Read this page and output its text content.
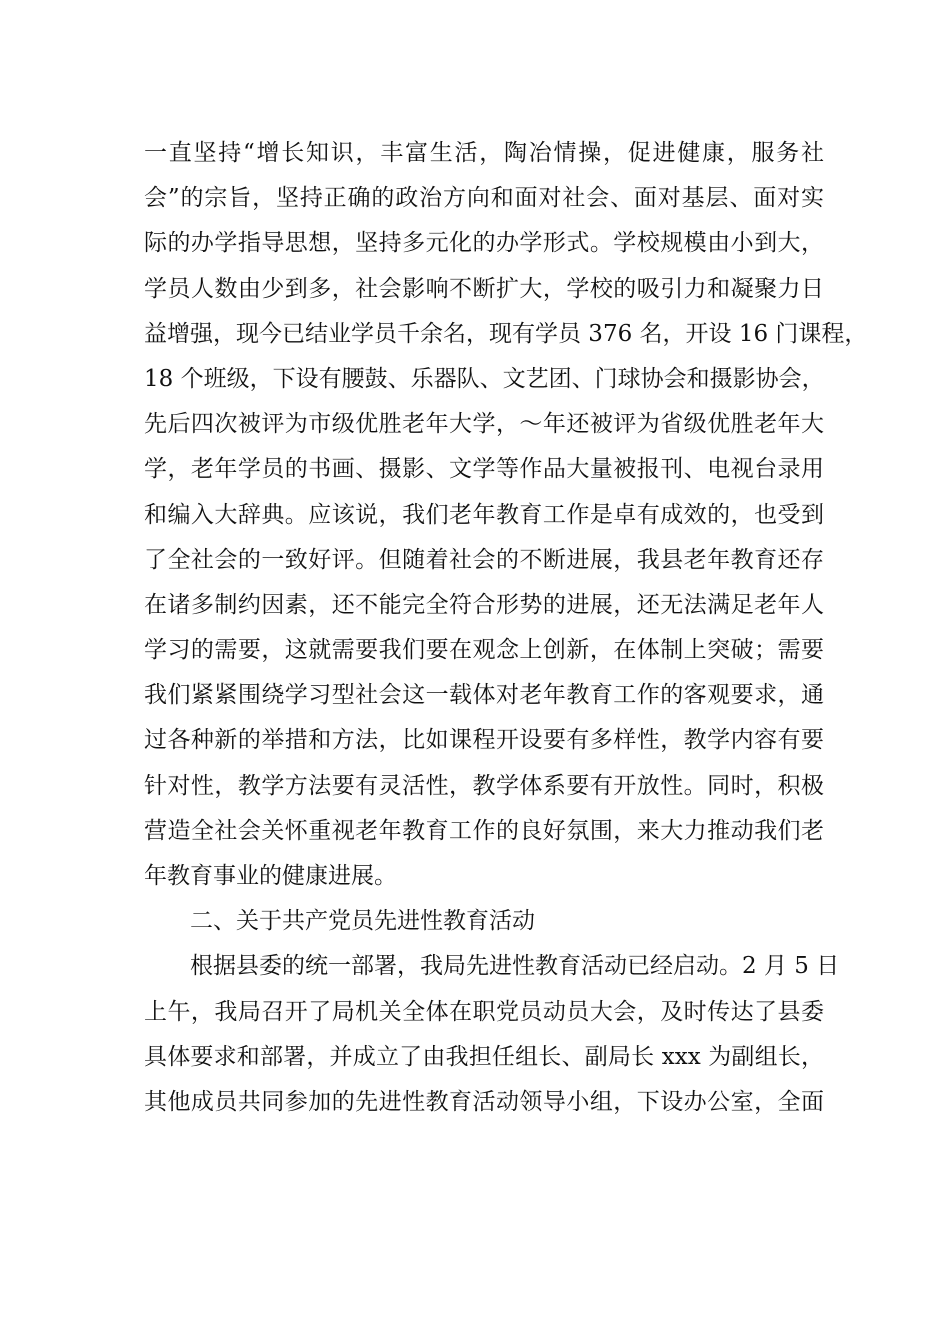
一直坚持“增长知识，丰富生活，陶冶情操，促进健康，服务社
会”的宗旨，坚持正确的政治方向和面对社会、面对基层、面对实
际的办学指导思想，坚持多元化的办学形式。学校规模由小到大，
学员人数由少到多，社会影响不断扩大，学校的吸引力和凝聚力日
益增强，现今已结业学员千余名，现有学员 376 名，开设 16 门课程，
18 个班级，下设有腰鼓、乐器队、文艺团、门球协会和摄影协会，
先后四次被评为市级优胜老年大学，～年还被评为省级优胜老年大
学，老年学员的书画、摄影、文学等作品大量被报刊、电视台录用
和编入大辞典。应该说，我们老年教育工作是卓有成效的，也受到
了全社会的一致好评。但随着社会的不断进展，我县老年教育还存
在诸多制约因素，还不能完全符合形势的进展，还无法满足老年人
学习的需要，这就需要我们要在观念上创新，在体制上突破；需要
我们紧紧围绕学习型社会这一载体对老年教育工作的客观要求，通
过各种新的举措和方法，比如课程开设要有多样性，教学内容有要
针对性，教学方法要有灵活性，教学体系要有开放性。同时，积极
营造全社会关怀重视老年教育工作的良好氛围，来大力推动我们老
年教育事业的健康进展。
二、关于共产党员先进性教育活动
根据县委的统一部署，我局先进性教育活动已经启动。2 月 5 日
上午，我局召开了局机关全体在职党员动员大会，及时传达了县委
具体要求和部署，并成立了由我担任组长、副局长 xxx 为副组长，
其他成员共同参加的先进性教育活动领导小组，下设办公室，全面
